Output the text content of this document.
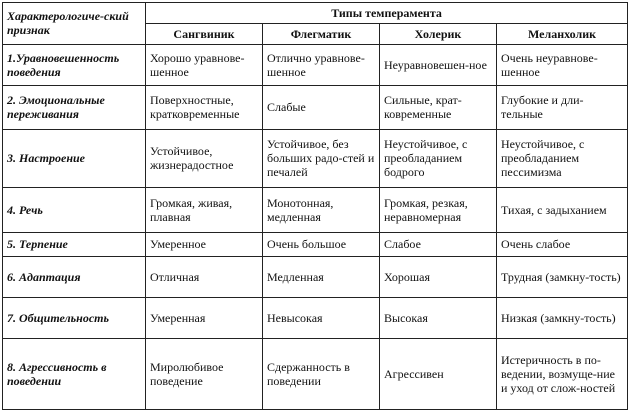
Характерологиче-ский признак	Типы темперамента			
	Сангвиник	Флегматик	Холерик	Меланхолик
1.Уравновешенность поведения	Хорошо уравнове-шенное	Отлично уравнове-шенное	Неуравновешен-ное	Очень неуравнове-шенное
2. Эмоциональные переживания	Поверхностные, кратковременные	Слабые	Сильные, крат-ковременные	Глубокие и дли-тельные
3. Настроение	Устойчивое, жизнерадостное	Устойчивое, без больших радо-стей и печалей	Неустойчивое, с преобладанием бодрого	Неустойчивое, с преобладанием пессимизма
4. Речь	Громкая, живая, плавная	Монотонная, медленная	Громкая, резкая, неравномерная	Тихая, с задыханием
5. Терпение	Умеренное	Очень большое	Слабое	Очень слабое
6. Адаптация	Отличная	Медленная	Хорошая	Трудная (замкну-тость)
7. Общительность	Умеренная	Невысокая	Высокая	Низкая (замкну-тость)
8. Агрессивность в поведении	Миролюбивое поведение	Сдержанность в поведении	Агрессивен	Истеричность в по-ведении, возмуще-ние и уход от слож-ностей
